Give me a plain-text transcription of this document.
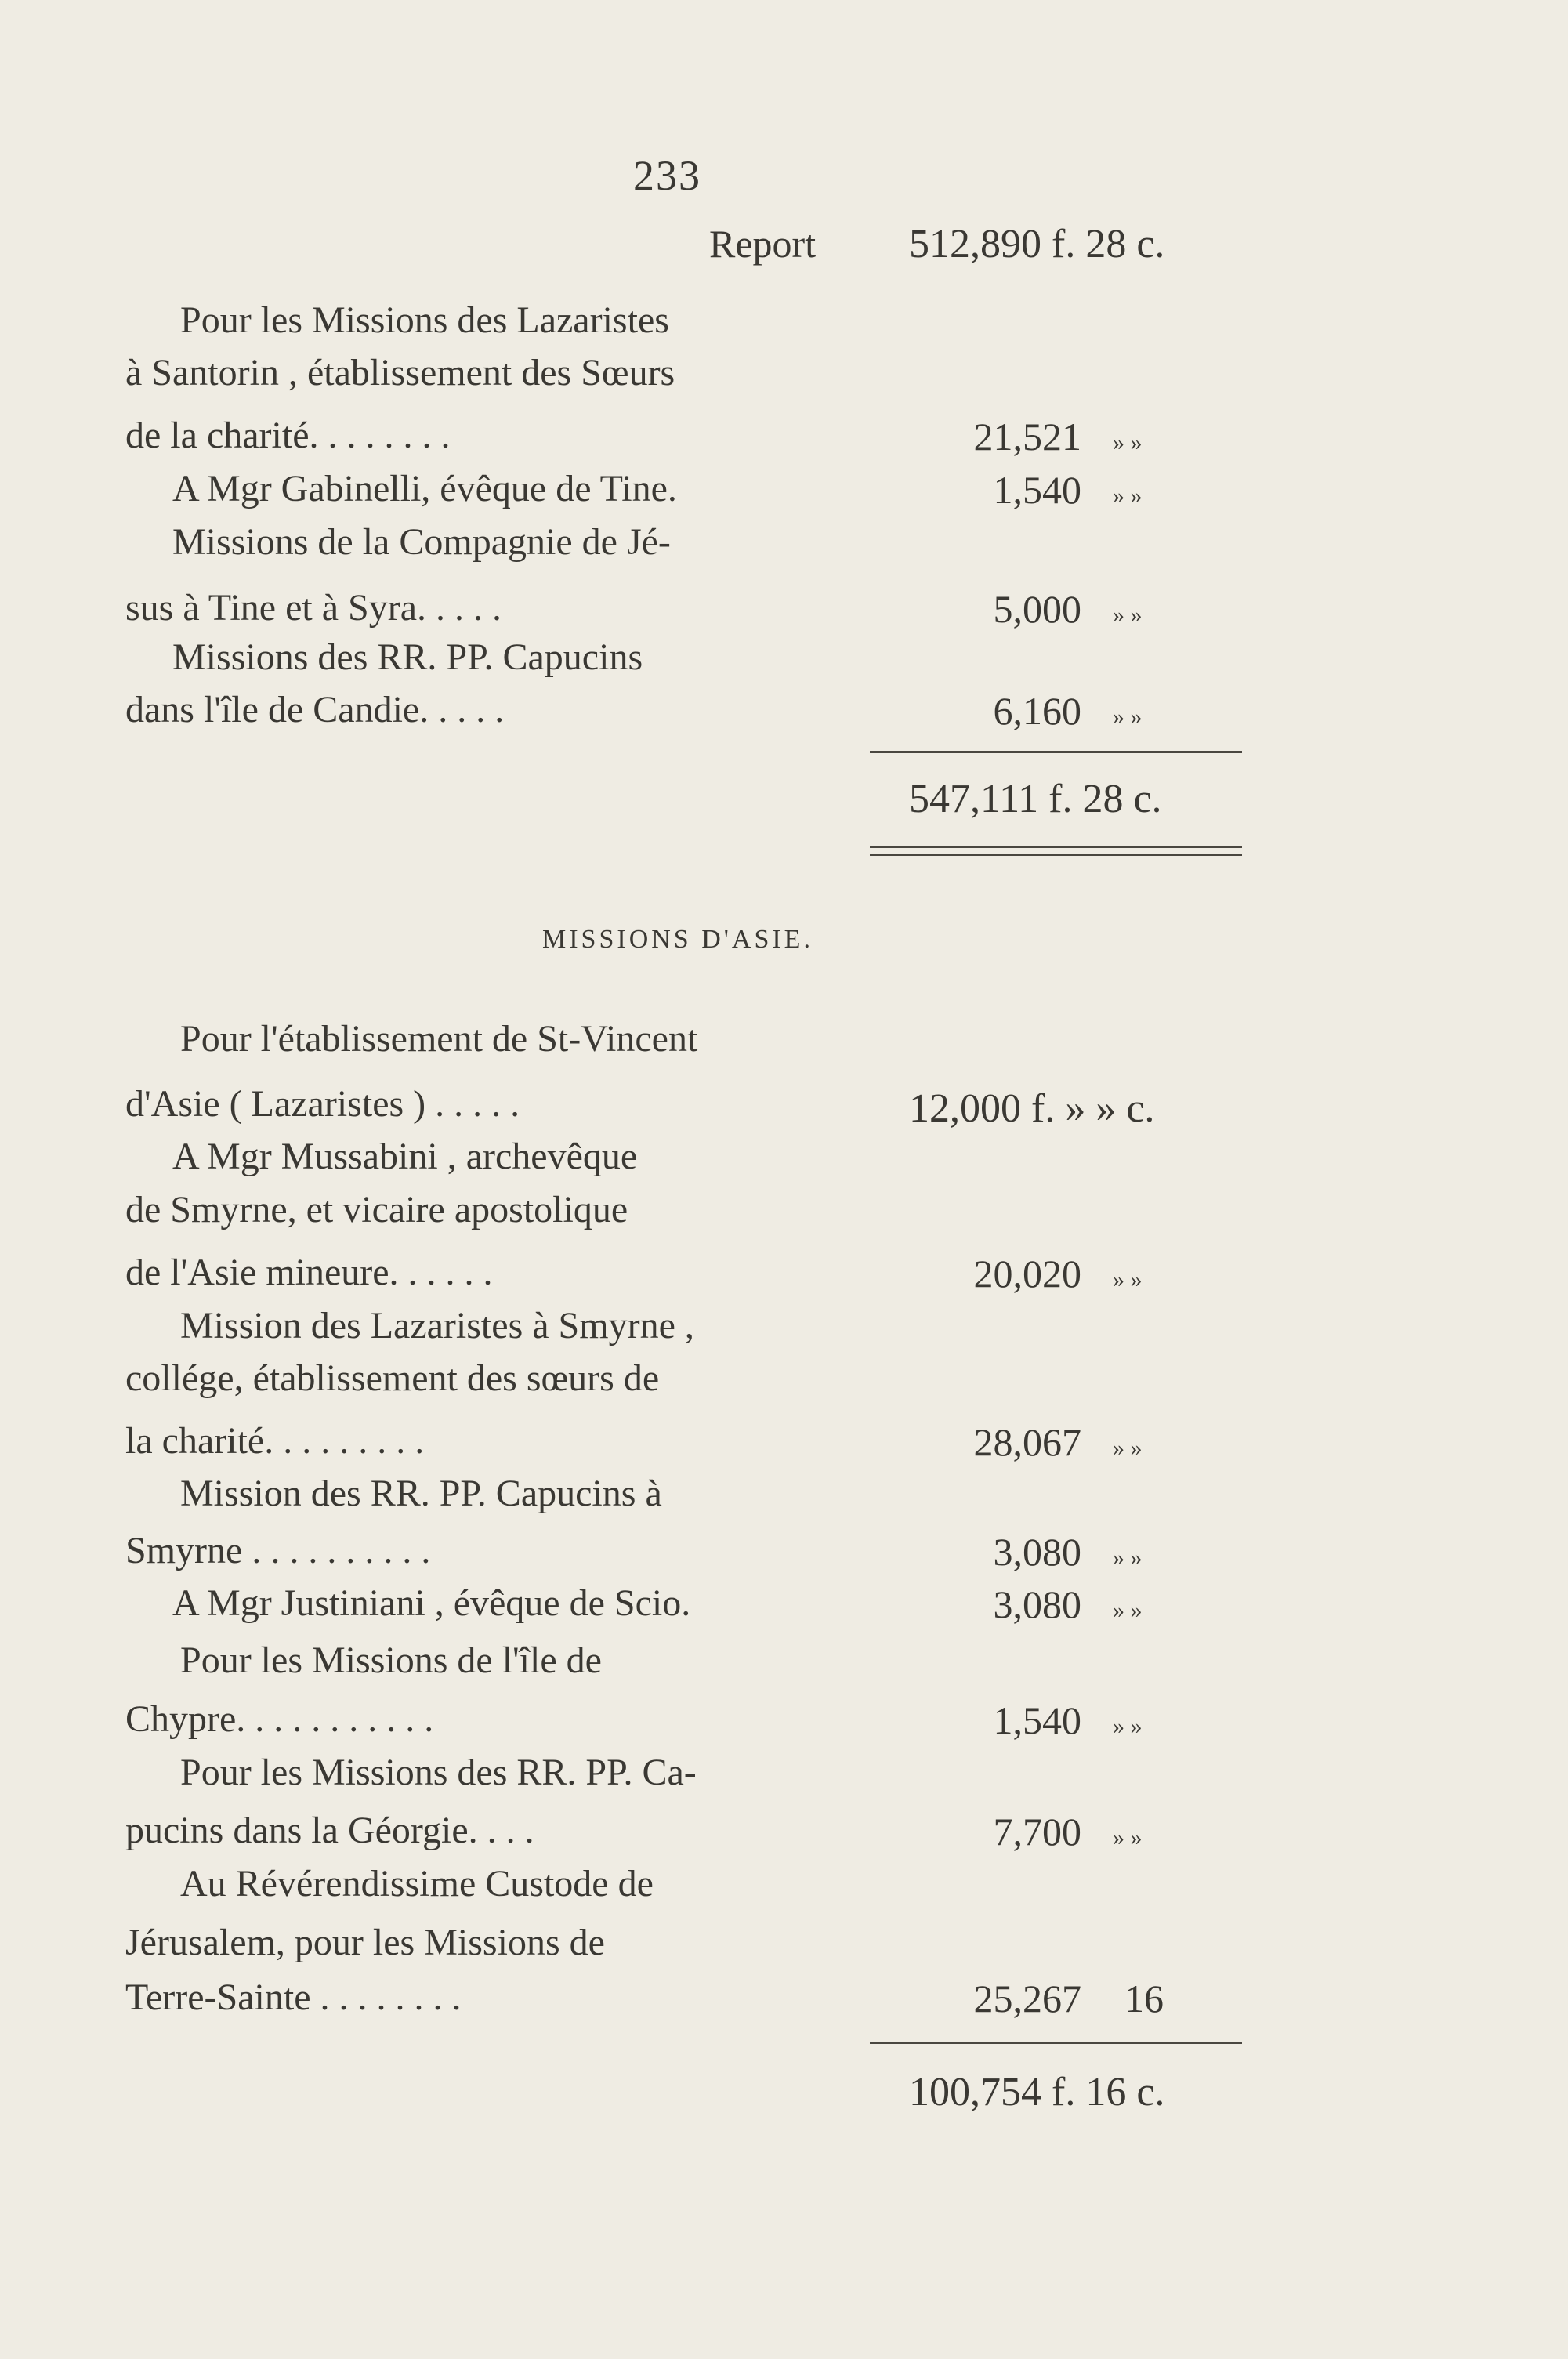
233
Report 512,890 f. 28 c.
Pour les Missions des Lazaristes
à Santorin , établissement des Sœurs
de la charité. . . . . . . .
A Mgr Gabinelli, évêque de Tine.
Missions de la Compagnie de Jé-
sus à Tine et à Syra. . . . .
Missions des RR. PP. Capucins
dans l'île de Candie. . . . .
21,521
1,540
5,000
6,160
» »
» »
» »
» »
547,111 f. 28 c.
MISSIONS D'ASIE.
Pour l'établissement de St-Vincent
d'Asie ( Lazaristes ) . . . . .
A Mgr Mussabini , archevêque
de Smyrne, et vicaire apostolique
de l'Asie mineure. . . . . .
Mission des Lazaristes à Smyrne ,
collége, établissement des sœurs de
la charité. . . . . . . . .
Mission des RR. PP. Capucins à
Smyrne . . . . . . . . . .
A Mgr Justiniani , évêque de Scio.
Pour les Missions de l'île de
Chypre. . . . . . . . . . .
Pour les Missions des RR. PP. Ca-
pucins dans la Géorgie. . . .
Au Révérendissime Custode de
Jérusalem, pour les Missions de
Terre-Sainte . . . . . . . .
12,000 f. » » c.
20,020
28,067
3,080
3,080
1,540
7,700
25,267 16
» »
» »
» »
» »
» »
» »
100,754 f. 16 c.
